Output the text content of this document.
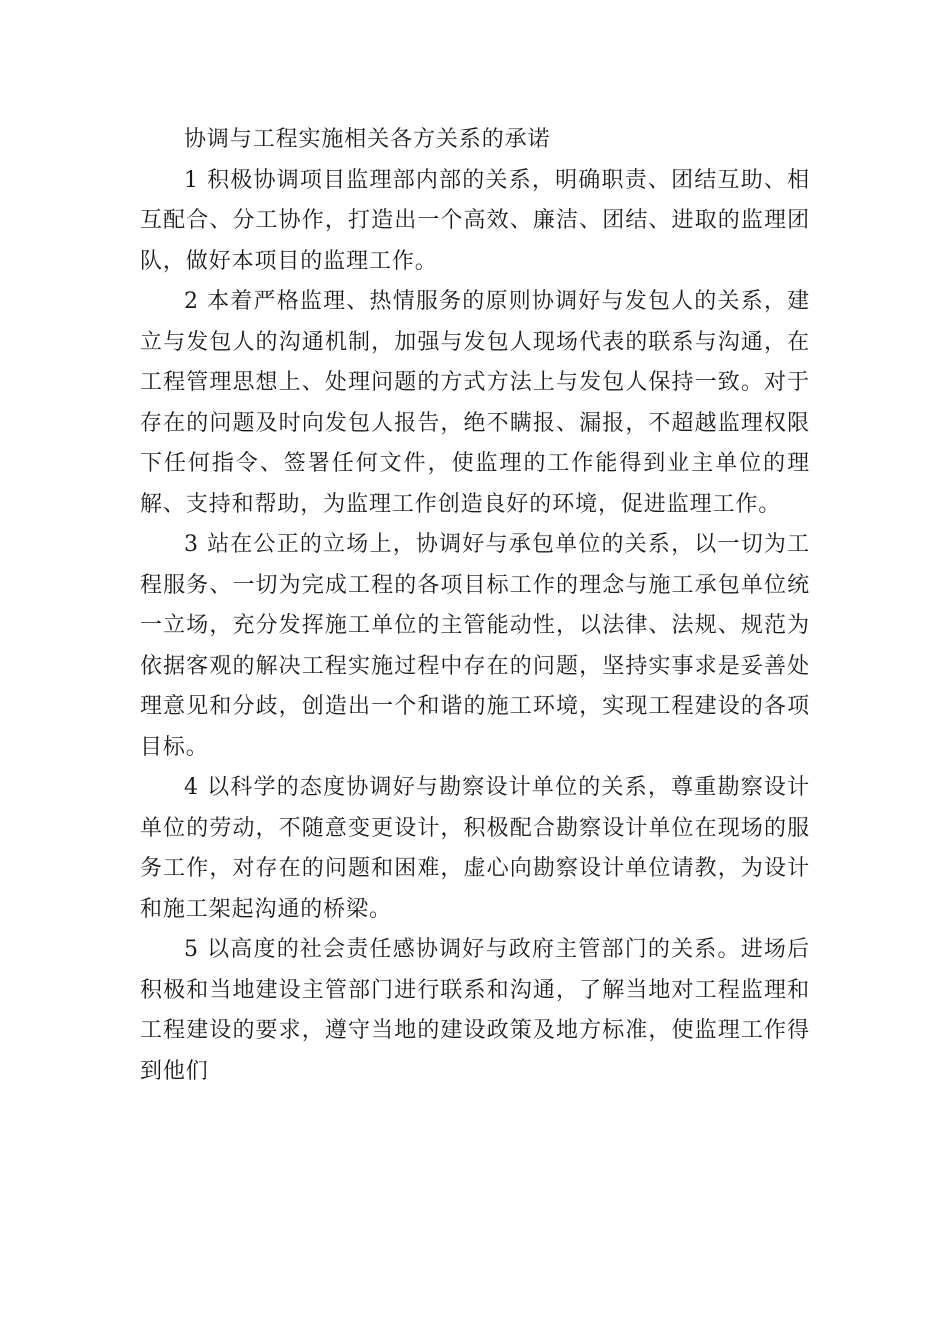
协调与工程实施相关各方关系的承诺

1 积极协调项目监理部内部的关系，明确职责、团结互助、相互配合、分工协作，打造出一个高效、廉洁、团结、进取的监理团队，做好本项目的监理工作。

2 本着严格监理、热情服务的原则协调好与发包人的关系，建立与发包人的沟通机制，加强与发包人现场代表的联系与沟通，在工程管理思想上、处理问题的方式方法上与发包人保持一致。对于存在的问题及时向发包人报告，绝不瞒报、漏报，不超越监理权限下任何指令、签署任何文件，使监理的工作能得到业主单位的理解、支持和帮助，为监理工作创造良好的环境，促进监理工作。

3 站在公正的立场上，协调好与承包单位的关系，以一切为工程服务、一切为完成工程的各项目标工作的理念与施工承包单位统一立场，充分发挥施工单位的主管能动性，以法律、法规、规范为依据客观的解决工程实施过程中存在的问题，坚持实事求是妥善处理意见和分歧，创造出一个和谐的施工环境，实现工程建设的各项目标。

4 以科学的态度协调好与勘察设计单位的关系，尊重勘察设计单位的劳动，不随意变更设计，积极配合勘察设计单位在现场的服务工作，对存在的问题和困难，虚心向勘察设计单位请教，为设计和施工架起沟通的桥梁。

5 以高度的社会责任感协调好与政府主管部门的关系。进场后积极和当地建设主管部门进行联系和沟通，了解当地对工程监理和工程建设的要求，遵守当地的建设政策及地方标准，使监理工作得到他们
